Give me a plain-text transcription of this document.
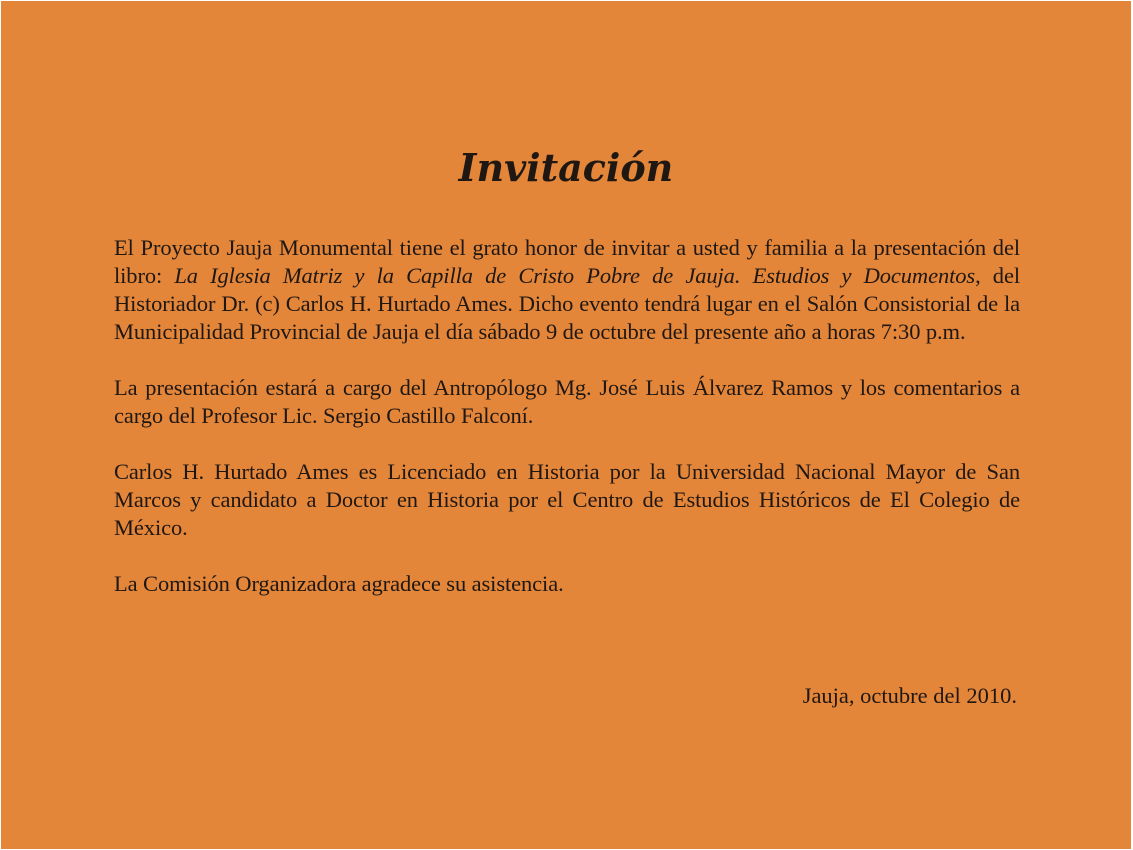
Invitación

El Proyecto Jauja Monumental tiene el grato honor de invitar a usted y familia a la presentación del libro: La Iglesia Matriz y la Capilla de Cristo Pobre de Jauja. Estudios y Documentos, del Historiador Dr. (c) Carlos H. Hurtado Ames. Dicho evento tendrá lugar en el Salón Consistorial de la Municipalidad Provincial de Jauja el día sábado 9 de octubre del presente año a horas 7:30 p.m.

La presentación estará a cargo del Antropólogo Mg. José Luis Álvarez Ramos y los comentarios a cargo del Profesor Lic. Sergio Castillo Falconí.

Carlos H. Hurtado Ames es Licenciado en Historia por la Universidad Nacional Mayor de San Marcos y candidato a Doctor en Historia por el Centro de Estudios Históricos de El Colegio de México.

La Comisión Organizadora agradece su asistencia.

Jauja, octubre del 2010.
